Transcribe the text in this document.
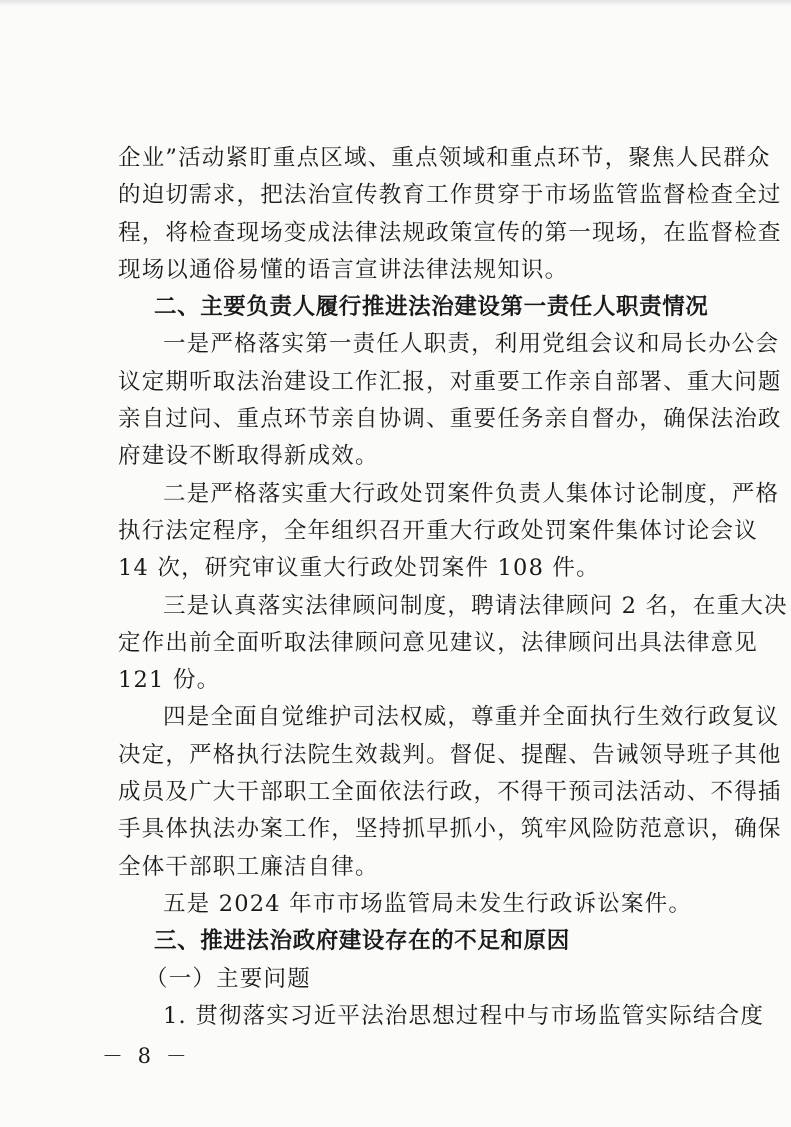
企业”活动紧盯重点区域、重点领域和重点环节，聚焦人民群众
的迫切需求，把法治宣传教育工作贯穿于市场监管监督检查全过
程，将检查现场变成法律法规政策宣传的第一现场，在监督检查
现场以通俗易懂的语言宣讲法律法规知识。
二、主要负责人履行推进法治建设第一责任人职责情况
一是严格落实第一责任人职责，利用党组会议和局长办公会
议定期听取法治建设工作汇报，对重要工作亲自部署、重大问题
亲自过问、重点环节亲自协调、重要任务亲自督办，确保法治政
府建设不断取得新成效。
二是严格落实重大行政处罚案件负责人集体讨论制度，严格
执行法定程序，全年组织召开重大行政处罚案件集体讨论会议
14 次，研究审议重大行政处罚案件 108 件。
三是认真落实法律顾问制度，聘请法律顾问 2 名，在重大决
定作出前全面听取法律顾问意见建议，法律顾问出具法律意见
121 份。
四是全面自觉维护司法权威，尊重并全面执行生效行政复议
决定，严格执行法院生效裁判。督促、提醒、告诫领导班子其他
成员及广大干部职工全面依法行政，不得干预司法活动、不得插
手具体执法办案工作，坚持抓早抓小，筑牢风险防范意识，确保
全体干部职工廉洁自律。
五是 2024 年市市场监管局未发生行政诉讼案件。
三、推进法治政府建设存在的不足和原因
（一）主要问题
1. 贯彻落实习近平法治思想过程中与市场监管实际结合度
－ 8 －
